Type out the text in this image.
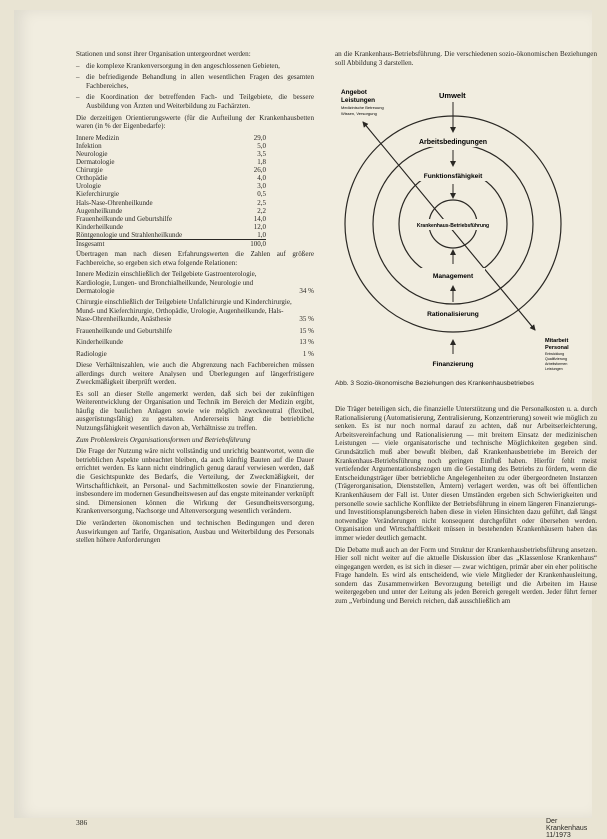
Stationen und sonst ihrer Organisation untergeordnet werden:

– die komplexe Krankenversorgung in den angeschlossenen Gebieten,
– die befriedigende Behandlung in allen wesentlichen Fragen des gesamten Fachbereiches,
– die Koordination der betreffenden Fach- und Teilgebiete, die bessere Ausbildung von Ärzten und Weiterbildung zu Fachärzten.

Die derzeitigen Orientierungswerte (für die Aufteilung der Krankenhausbetten waren (in % der Eigenbedarfe):

Innere Medizin	29,0
Infektion	5,0
Neurologie	3,5
Dermatologie	1,8
Chirurgie	26,0
Orthopädie	4,0
Urologie	3,0
Kieferchirurgie	0,5
Hals-Nase-Ohrenheilkunde	2,5
Augenheilkunde	2,2
Frauenheilkunde und Geburtshilfe	14,0
Kinderheilkunde	12,0
Röntgenologie und Strahlenheilkunde	1,0
Insgesamt	100,0

Übertragen man nach diesen Erfahrungswerten die Zahlen auf größere Fachbereiche, so ergeben sich etwa folgende Relationen:

Innere Medizin einschließlich der Teilgebiete Gastroenterologie, Kardiologie, Lungen- und Bronchialheilkunde, Neurologie und Dermatologie	34 %
Chirurgie einschließlich der Teilgebiete Unfallchirurgie und Kinderchirurgie, Mund- und Kieferchirurgie, Orthopädie, Urologie, Augenheilkunde, Hals-Nase-Ohrenheilkunde, Anästhesie	35 %
Frauenheilkunde und Geburtshilfe	15 %
Kinderheilkunde	13 %
Radiologie	1 %

Diese Verhältniszahlen, wie auch die Abgrenzung nach Fachbereichen müssen allerdings durch weitere Analysen und Überlegungen auf längerfristigere Zweckmäßigkeit überprüft werden.

Es soll an dieser Stelle angemerkt werden, daß sich bei der zukünftigen Weiterentwicklung der Organisation und Technik im Bereich der Medizin ergibt, häufig die baulichen Anlagen sowie wie möglich zweckneutral (flexibel, ausgerüstungsfähig) zu gestalten. Andererseits hängt die betriebliche Nutzungsfähigkeit wesentlich davon ab, Verhältnisse zu treffen.

Zum Problemkreis Organisationsformen und Betriebsführung

Die Frage der Nutzung wäre nicht vollständig und unrichtig beantwortet, wenn die betrieblichen Aspekte unbeachtet bleiben, da auch künftig Bauten auf die Dauer errichtet werden. Es kann nicht eindringlich genug darauf verwiesen werden, daß die Gesichtspunkte des Bedarfs, die Verteilung, der Zweckmäßigkeit, der Wirtschaftlichkeit, an Personal- und Sachmittelkosten sowie der Finanzierung, insbesondere im modernen Gesundheitswesen auf das engste miteinander verknüpft sind. Dimensionen können die Wirkung der Gesundheitsversorgung, Krankenversorgung, Nachsorge und Altenversorgung wesentlich verändern.

Die veränderten ökonomischen und technischen Bedingungen und deren Auswirkungen auf Tarife, Organisation, Ausbau und Weiterbildung des Personals stellen höhere Anforderungen

an die Krankenhaus-Betriebsführung. Die verschiedenen sozio-ökonomischen Beziehungen soll Abbildung 3 darstellen.

Angebot
Leistungen
Medizinische Betreuung
Wissen, Versorgung
Umwelt
Arbeitsbedingungen
Funktionsfähigkeit
Krankenhaus-Betriebsführung
Management
Rationalisierung
Finanzierung
Mitarbeit
Personal
Entwicklung
Qualifizierung
Arbeitsformen
Leistungen
Abb. 3 Sozio-ökonomische Beziehungen des Krankenhausbetriebes

Die Träger beteiligen sich, die finanzielle Unterstützung und die Personalkosten u. a. durch Rationalisierung (Automatisierung, Zentralisierung, Konzentrierung) soweit wie möglich zu senken. Es ist nur noch normal darauf zu achten, daß nur Arbeitserleichterung, Arbeitsvereinfachung und Rationalisierung — mit breitem Einsatz der medizinischen Leistungen — viele organisatorische und technische Möglichkeiten gegeben sind. Grundsätzlich muß aber bewußt bleiben, daß Krankenhausbetriebe im Bereich der Krankenhaus-Betriebsführung noch geringen Einfluß haben. Hierfür fehlt meist vertiefender Argumentationsbezogen um die Gestaltung des Betriebs zu fördern, wenn die Entscheidungsträger über betriebliche Angelegenheiten zu oder übergeordneten Instanzen (Trägerorganisation, Dienststellen, Ämtern) verlagert werden, was oft bei öffentlichen Krankenhäusern der Fall ist. Unter diesen Umständen ergeben sich Schwierigkeiten und personelle sowie sachliche Konflikte der Betriebsführung in einem längeren Finanzierungs- und Investitionsplanungsbereich haben diese in vielen Hinsichten dazu geführt, daß längst notwendige Veränderungen nicht konsequent durchgeführt oder übersehen werden. Organisation und Wirtschaftlichkeit müssen in bestehenden Krankenhäusern haben das immer wieder deutlich gemacht.

Die Debatte muß auch an der Form und Struktur der Krankenhausbetriebsführung ansetzen. Hier soll nicht weiter auf die aktuelle Diskussion über das „Klassenlose Krankenhaus“ eingegangen werden, es ist sich in dieser — zwar wichtigen, primär aber ein eher politische Frage handeln. Es wird als entscheidend, wie viele Mitglieder der Krankenhausleitung, sondern das Zusammenwirken Bevorzugung beteiligt und die Arbeiten im Hause weitergegeben und unter der Leitung als jeden Bereich geregelt werden. Jeder führt ferner zum „Verbindung und Bereich reichen, daß ausschließlich am

386	Der Krankenhaus 11/1973
